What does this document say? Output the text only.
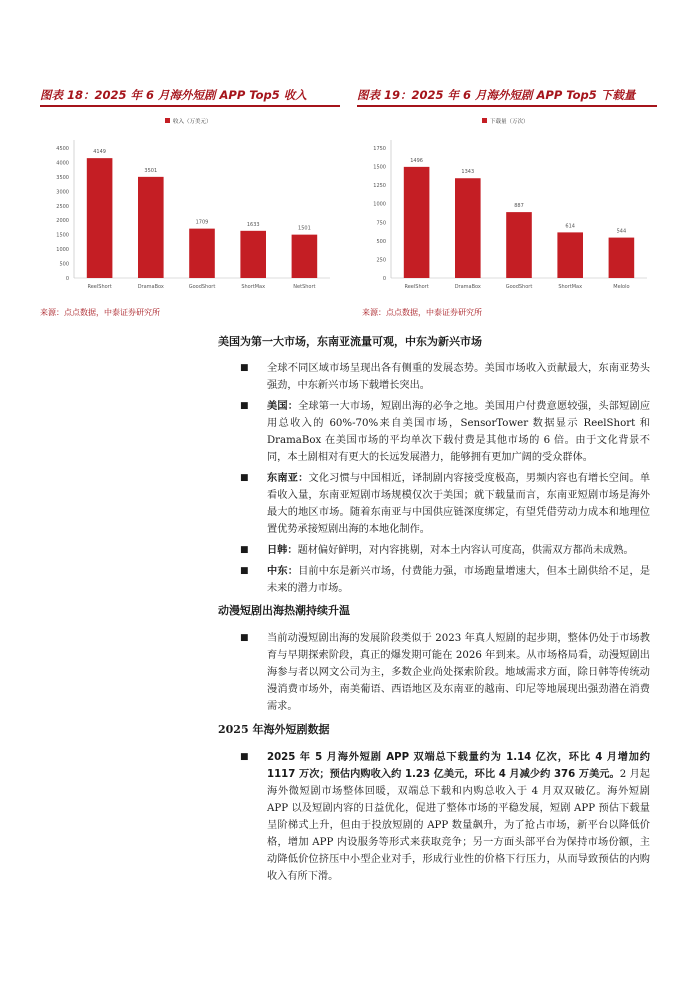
图表 18：2025 年 6 月海外短剧 APP Top5 收入	图表 19：2025 年 6 月海外短剧 APP Top5 下载量
收入（万美元）
0
500
1000
1500
2000
2500
3000
3500
4000
4500
4149
ReelShort
3501
DramaBox
1709
GoodShort
1633
ShortMax
1501
NetShort
下载量（万次）
0
250
500
750
1000
1250
1500
1750
1496
ReelShort
1343
DramaBox
887
GoodShort
614
ShortMax
544
Melolo
来源：点点数据，中泰证券研究所	来源：点点数据，中泰证券研究所
美国为第一大市场，东南亚流量可观，中东为新兴市场
■ 全球不同区域市场呈现出各有侧重的发展态势。美国市场收入贡献最大，东南亚势头强劲，中东新兴市场下载增长突出。
■ 美国：全球第一大市场，短剧出海的必争之地。美国用户付费意愿较强，头部短剧应用总收入的 60%-70%来自美国市场，SensorTower 数据显示 ReelShort 和 DramaBox 在美国市场的平均单次下载付费是其他市场的 6 倍。由于文化背景不同，本土剧相对有更大的长远发展潜力，能够拥有更加广阔的受众群体。
■ 东南亚：文化习惯与中国相近，译制剧内容接受度极高，男频内容也有增长空间。单看收入量，东南亚短剧市场规模仅次于美国；就下载量而言，东南亚短剧市场是海外最大的地区市场。随着东南亚与中国供应链深度绑定，有望凭借劳动力成本和地理位置优势承接短剧出海的本地化制作。
■ 日韩：题材偏好鲜明，对内容挑剔，对本土内容认可度高，供需双方都尚未成熟。
■ 中东：目前中东是新兴市场，付费能力强，市场跑量增速大，但本土剧供给不足，是未来的潜力市场。
动漫短剧出海热潮持续升温
■ 当前动漫短剧出海的发展阶段类似于 2023 年真人短剧的起步期，整体仍处于市场教育与早期探索阶段，真正的爆发期可能在 2026 年到来。从市场格局看，动漫短剧出海参与者以网文公司为主，多数企业尚处探索阶段。地域需求方面，除日韩等传统动漫消费市场外，南美葡语、西语地区及东南亚的越南、印尼等地展现出强劲潜在消费需求。
2025 年海外短剧数据
■ 2025 年 5 月海外短剧 APP 双端总下载量约为 1.14 亿次，环比 4 月增加约 1117 万次；预估内购收入约 1.23 亿美元，环比 4 月减少约 376 万美元。2 月起海外微短剧市场整体回暖，双端总下载和内购总收入于 4 月双双破亿。海外短剧 APP 以及短剧内容的日益优化，促进了整体市场的平稳发展，短剧 APP 预估下载量呈阶梯式上升，但由于投放短剧的 APP 数量飙升，为了抢占市场，新平台以降低价格，增加 APP 内设服务等形式来获取竞争；另一方面头部平台为保持市场份额，主动降低价位挤压中小型企业对手，形成行业性的价格下行压力，从而导致预估的内购收入有所下滑。
